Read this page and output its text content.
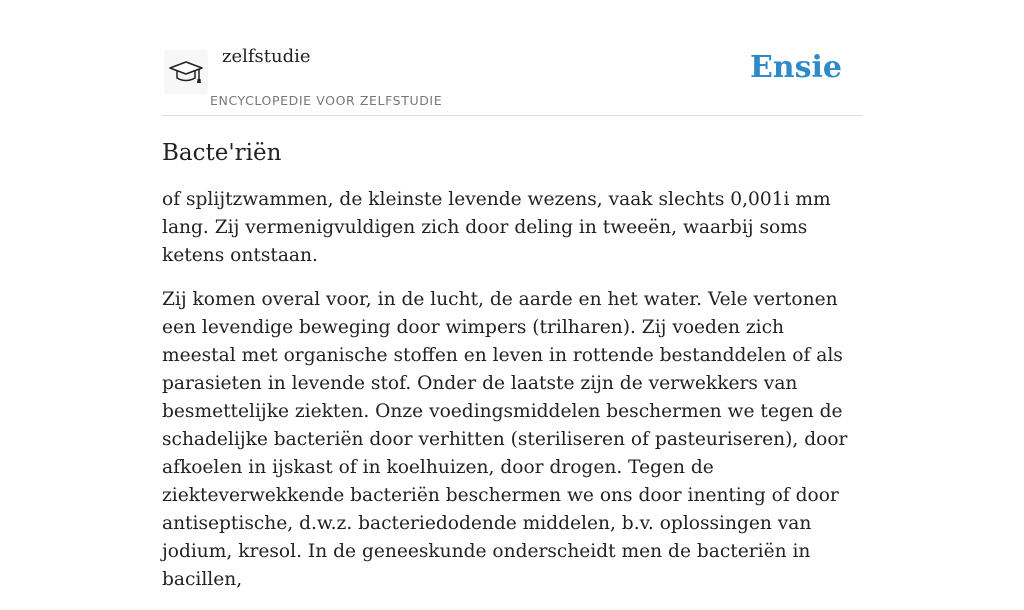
zelfstudie
ENCYCLOPEDIE VOOR ZELFSTUDIE
Ensie
Bacte'riën

of splijtzwammen, de kleinste levende wezens, vaak slechts 0,001i mm lang. Zij vermenigvuldigen zich door deling in tweeën, waarbij soms ketens ontstaan.

Zij komen overal voor, in de lucht, de aarde en het water. Vele vertonen een levendige beweging door wimpers (trilharen). Zij voeden zich meestal met organische stoffen en leven in rottende bestanddelen of als parasieten in levende stof. Onder de laatste zijn de verwekkers van besmettelijke ziekten. Onze voedingsmiddelen beschermen we tegen de schadelijke bacteriën door verhitten (steriliseren of pasteuriseren), door afkoelen in ijskast of in koelhuizen, door drogen. Tegen de ziekteverwekkende bacteriën beschermen we ons door inenting of door antiseptische, d.w.z. bacteriedodende middelen, b.v. oplossingen van jodium, kresol. In de geneeskunde onderscheidt men de bacteriën in bacillen,
